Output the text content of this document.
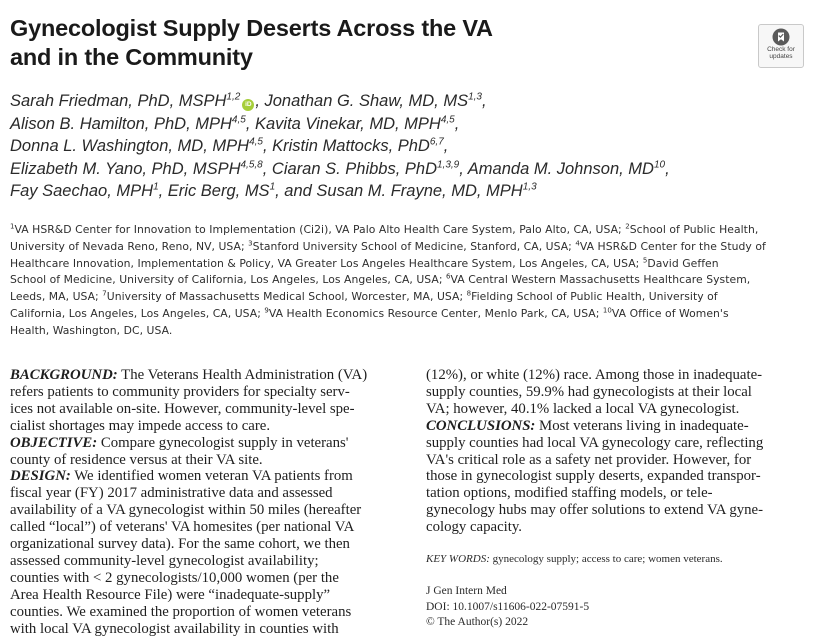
Gynecologist Supply Deserts Across the VA
and in the Community	Check for
updates
Sarah Friedman, PhD, MSPH$^{1,2}$iD , Jonathan G. Shaw, MD, MS$^{1,3}$,
Alison B. Hamilton, PhD, MPH$^{4,5}$, Kavita Vinekar, MD, MPH$^{4,5}$,
Donna L. Washington, MD, MPH$^{4,5}$, Kristin Mattocks, PhD$^{6,7}$,
Elizabeth M. Yano, PhD, MSPH$^{4,5,8}$, Ciaran S. Phibbs, PhD$^{1,3,9}$, Amanda M. Johnson, MD$^{10}$,
Fay Saechao, MPH$^1$, Eric Berg, $MS^1$, and Susan M. Frayne, MD, MPH$^{1,3}$
$^1$VA HSR&D Center for Innovation to Implementation (Ci2i), VA Palo Alto Health Care System, Palo Alto, CA, USA; $^2$School of Public Health,
University of Nevada Reno, Reno, NV, USA; $^3$Stanford University School of Medicine, Stanford, CA, USA; $^4$VA HSR&D Center for the Study of
Healthcare Innovation, Implementation & Policy, VA Greater Los Angeles Healthcare System, Los Angeles, CA, USA; $^5$David Geffen
School of Medicine, University of California, Los Angeles, Los Angeles, CA, USA; $^6$VA Central Western Massachusetts Healthcare System,
Leeds, MA, USA; $^7$University of Massachusetts Medical School, Worcester, MA, USA; $^8$Fielding School of Public Health, University of
California, Los Angeles, Los Angeles, CA, USA; $^9$VA Health Economics Resource Center, Menlo Park, CA, USA; $^{10}$VA Office of Women's
Health, Washington, DC, USA.
BACKGROUND: The Veterans Health Administration (VA)
refers patients to community providers for specialty serv-
ices not available on-site. However, community-level spe-
cialist shortages may impede access to care.
OBJECTIVE: Compare gynecologist supply in veterans'
county of residence versus at their VA site.
DESIGN: We identified women veteran VA patients from
fiscal year (FY) 2017 administrative data and assessed
availability of a VA gynecologist within 50 miles (hereafter
called “local”) of veterans' VA homesites (per national VA
organizational survey data). For the same cohort, we then
assessed community-level gynecologist availability;
counties with < 2 gynecologists/10,000 women (per the
Area Health Resource File) were “inadequate-supply”
counties. We examined the proportion of women veterans
with local VA gynecologist availability in counties with
(12%), or white (12%) race. Among those in inadequate-
supply counties, 59.9% had gynecologists at their local
VA; however, 40.1% lacked a local VA gynecologist.
CONCLUSIONS: Most veterans living in inadequate-
supply counties had local VA gynecology care, reflecting
VA's critical role as a safety net provider. However, for
those in gynecologist supply deserts, expanded transpor-
tation options, modified staffing models, or tele-
gynecology hubs may offer solutions to extend VA gyne-
cology capacity.
KEY WORDS: gynecology supply; access to care; women veterans.
J Gen Intern Med
DOI: 10.1007/s11606-022-07591-5
© The Author(s) 2022
